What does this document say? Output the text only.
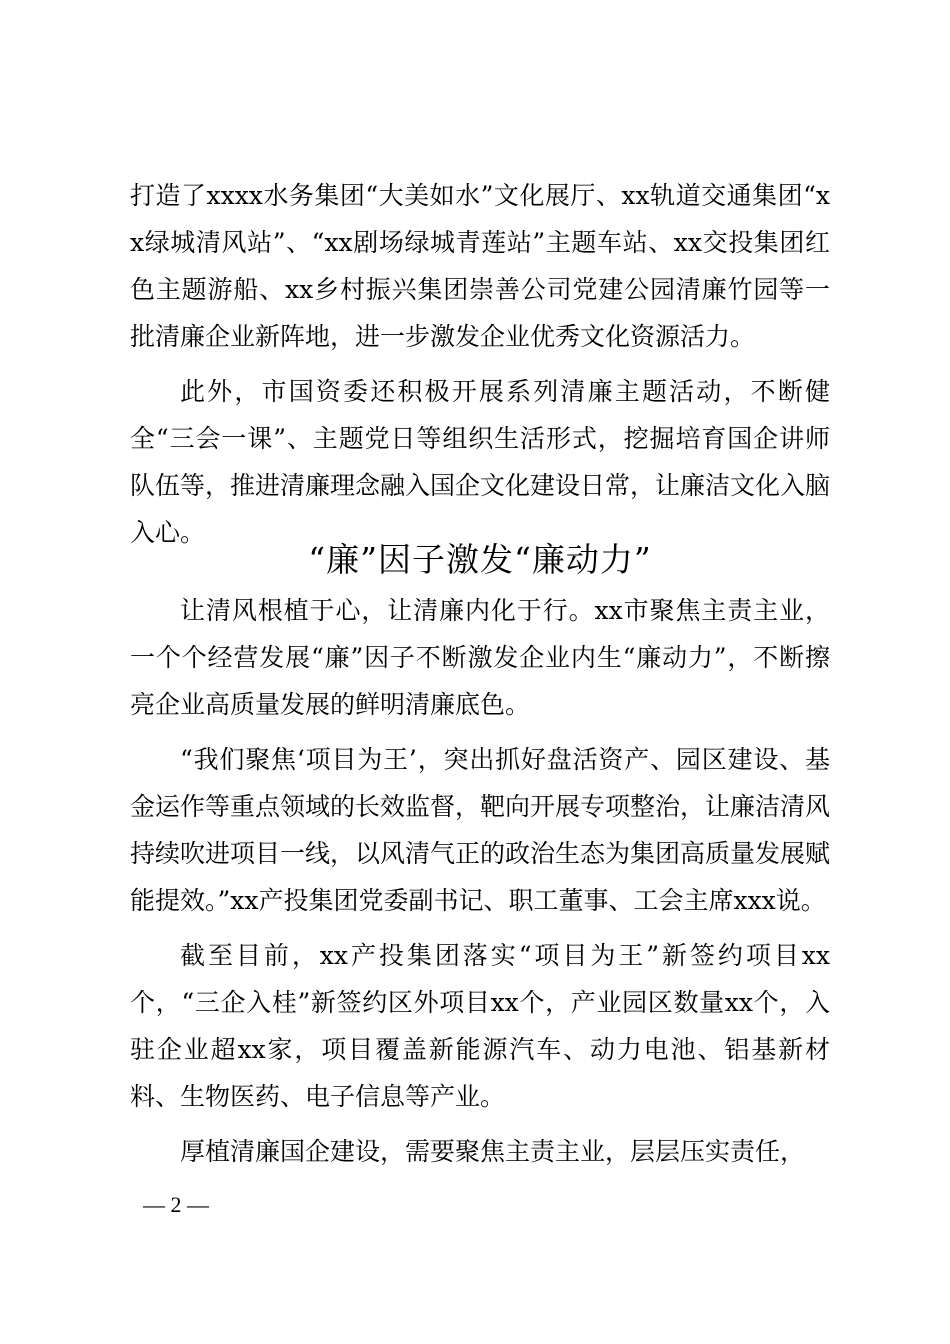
打造了xxxx水务集团“大美如水”文化展厅、xx轨道交通集团“xx绿城清风站”、“xx剧场绿城青莲站”主题车站、xx交投集团红色主题游船、xx乡村振兴集团崇善公司党建公园清廉竹园等一批清廉企业新阵地，进一步激发企业优秀文化资源活力。

此外，市国资委还积极开展系列清廉主题活动，不断健全“三会一课”、主题党日等组织生活形式，挖掘培育国企讲师队伍等，推进清廉理念融入国企文化建设日常，让廉洁文化入脑入心。

“廉”因子激发“廉动力”

让清风根植于心，让清廉内化于行。xx市聚焦主责主业，一个个经营发展“廉”因子不断激发企业内生“廉动力”，不断擦亮企业高质量发展的鲜明清廉底色。

“我们聚焦‘项目为王’，突出抓好盘活资产、园区建设、基金运作等重点领域的长效监督，靶向开展专项整治，让廉洁清风持续吹进项目一线，以风清气正的政治生态为集团高质量发展赋能提效。”xx产投集团党委副书记、职工董事、工会主席xxx说。

截至目前，xx产投集团落实“项目为王”新签约项目xx个，“三企入桂”新签约区外项目xx个，产业园区数量xx个，入驻企业超xx家，项目覆盖新能源汽车、动力电池、铝基新材料、生物医药、电子信息等产业。

厚植清廉国企建设，需要聚焦主责主业，层层压实责任，

— 2 —
